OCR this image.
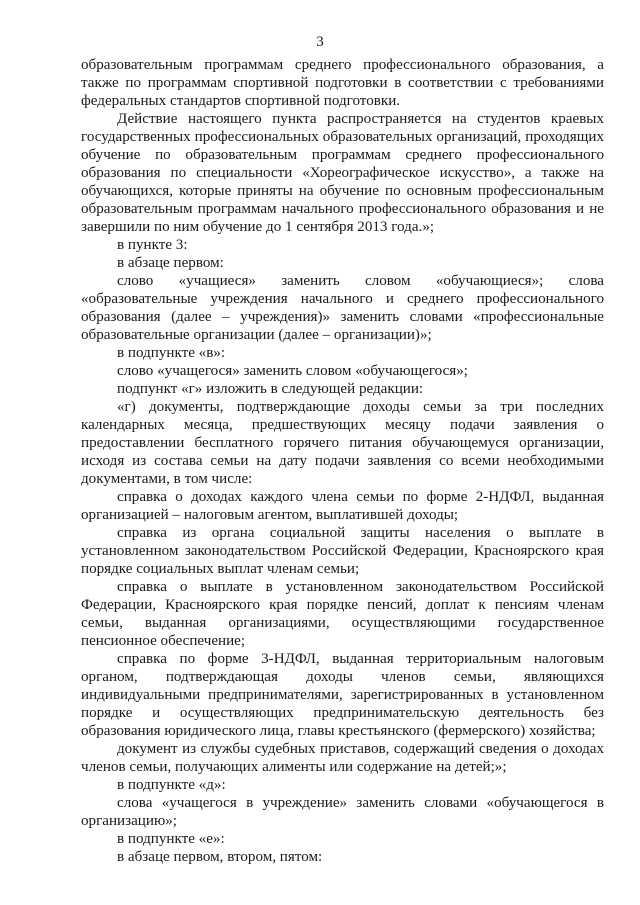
3

образовательным программам среднего профессионального образования, а также по программам спортивной подготовки в соответствии с требованиями федеральных стандартов спортивной подготовки.

Действие настоящего пункта распространяется на студентов краевых государственных профессиональных образовательных организаций, проходящих обучение по образовательным программам среднего профессионального образования по специальности «Хореографическое искусство», а также на обучающихся, которые приняты на обучение по основным профессиональным образовательным программам начального профессионального образования и не завершили по ним обучение до 1 сентября 2013 года.»;

в пункте 3:

в абзаце первом:

слово «учащиеся» заменить словом «обучающиеся»; слова «образовательные учреждения начального и среднего профессионального образования (далее – учреждения)» заменить словами «профессиональные образовательные организации (далее – организации)»;

в подпункте «в»:

слово «учащегося» заменить словом «обучающегося»;

подпункт «г» изложить в следующей редакции:

«г) документы, подтверждающие доходы семьи за три последних календарных месяца, предшествующих месяцу подачи заявления о предоставлении бесплатного горячего питания обучающемуся организации, исходя из состава семьи на дату подачи заявления со всеми необходимыми документами, в том числе:

справка о доходах каждого члена семьи по форме 2-НДФЛ, выданная организацией – налоговым агентом, выплатившей доходы;

справка из органа социальной защиты населения о выплате в установленном законодательством Российской Федерации, Красноярского края порядке социальных выплат членам семьи;

справка о выплате в установленном законодательством Российской Федерации, Красноярского края порядке пенсий, доплат к пенсиям членам семьи, выданная организациями, осуществляющими государственное пенсионное обеспечение;

справка по форме 3-НДФЛ, выданная территориальным налоговым органом, подтверждающая доходы членов семьи, являющихся индивидуальными предпринимателями, зарегистрированных в установленном порядке и осуществляющих предпринимательскую деятельность без образования юридического лица, главы крестьянского (фермерского) хозяйства;

документ из службы судебных приставов, содержащий сведения о доходах членов семьи, получающих алименты или содержание на детей;»;

в подпункте «д»:

слова «учащегося в учреждение» заменить словами «обучающегося в организацию»;

в подпункте «е»:

в абзаце первом, втором, пятом:
